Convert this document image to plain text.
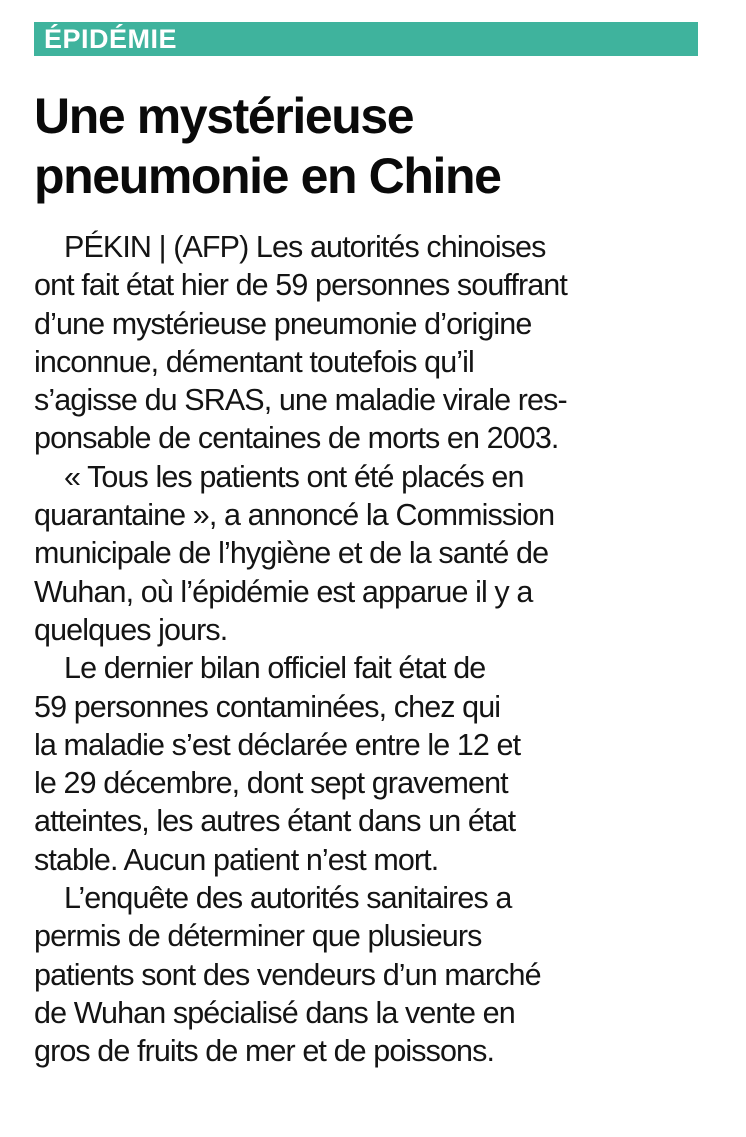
ÉPIDÉMIE
Une mystérieuse
pneumonie en Chine
PÉKIN | (AFP) Les autorités chinoises
ont fait état hier de 59 personnes souffrant
d’une mystérieuse pneumonie d’origine
inconnue, démentant toutefois qu’il
s’agisse du SRAS, une maladie virale res-
ponsable de centaines de morts en 2003.
« Tous les patients ont été placés en
quarantaine », a annoncé la Commission
municipale de l’hygiène et de la santé de
Wuhan, où l’épidémie est apparue il y a
quelques jours.
Le dernier bilan officiel fait état de
59 personnes contaminées, chez qui
la maladie s’est déclarée entre le 12 et
le 29 décembre, dont sept gravement
atteintes, les autres étant dans un état
stable. Aucun patient n’est mort.
L’enquête des autorités sanitaires a
permis de déterminer que plusieurs
patients sont des vendeurs d’un marché
de Wuhan spécialisé dans la vente en
gros de fruits de mer et de poissons.
